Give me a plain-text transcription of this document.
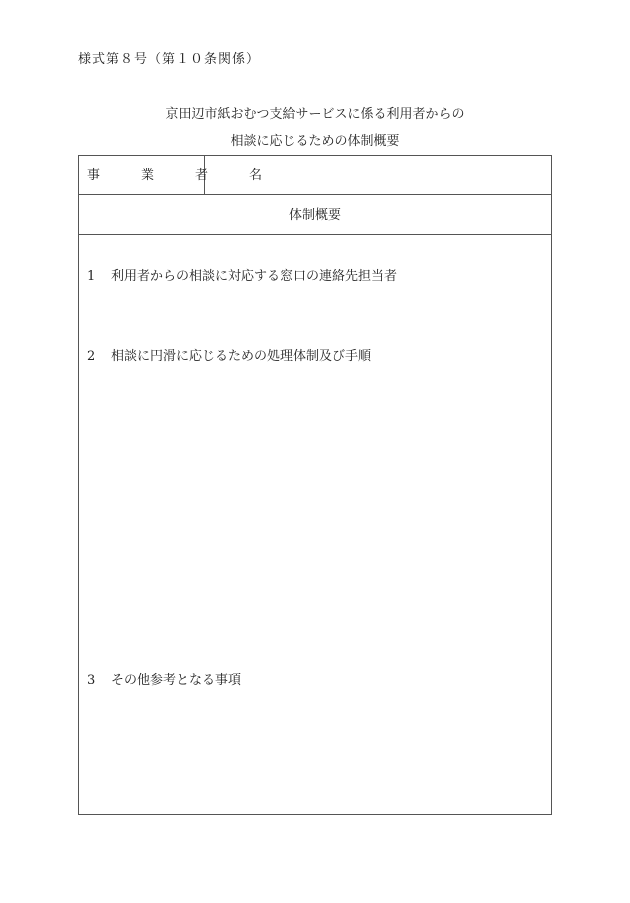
様式第８号（第１０条関係）
京田辺市紙おむつ支給サービスに係る利用者からの
相談に応じるための体制概要
事　業　者　名
体制概要
1 利用者からの相談に対応する窓口の連絡先担当者
2 相談に円滑に応じるための処理体制及び手順
3 その他参考となる事項
